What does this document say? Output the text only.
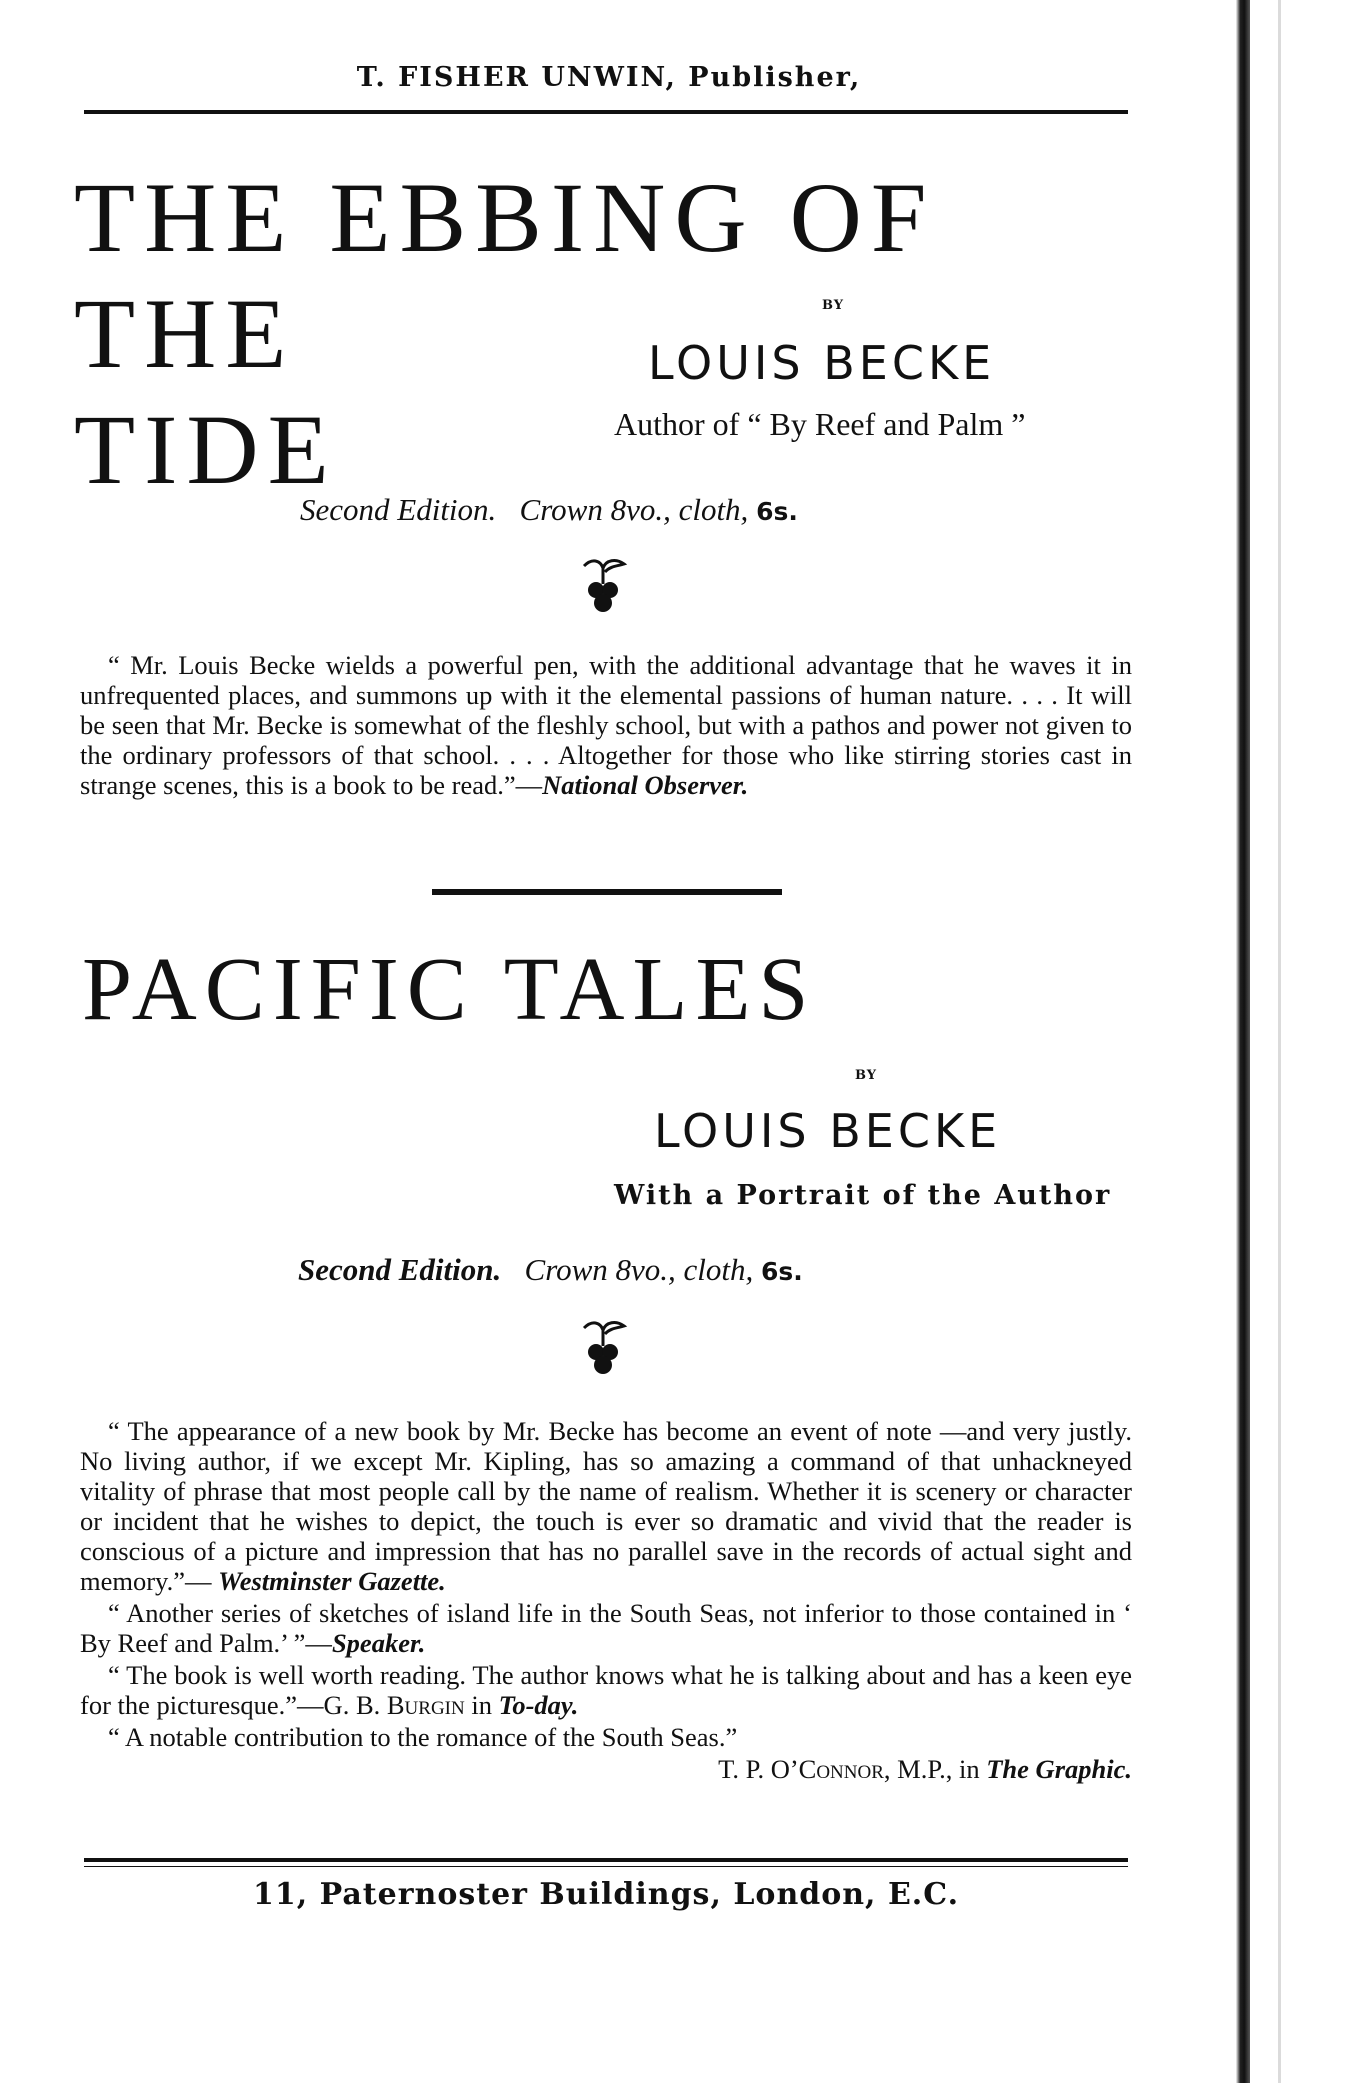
T. FISHER UNWIN, Publisher,
THE EBBING OF THE
TIDE
BY
LOUIS BECKE
Author of “ By Reef and Palm ”
Second Edition. Crown 8vo., cloth, 6s.

“ Mr. Louis Becke wields a powerful pen, with the additional advantage that he waves it in unfrequented places, and summons up with it the elemental passions of human nature. . . . It will be seen that Mr. Becke is somewhat of the fleshly school, but with a pathos and power not given to the ordinary professors of that school. . . . Altogether for those who like stirring stories cast in strange scenes, this is a book to be read.”—National Observer.

PACIFIC TALES
BY
LOUIS BECKE
With a Portrait of the Author
Second Edition. Crown 8vo., cloth, 6s.

“ The appearance of a new book by Mr. Becke has become an event of note —and very justly. No living author, if we except Mr. Kipling, has so amazing a command of that unhackneyed vitality of phrase that most people call by the name of realism. Whether it is scenery or character or incident that he wishes to depict, the touch is ever so dramatic and vivid that the reader is conscious of a picture and impression that has no parallel save in the records of actual sight and memory.”— Westminster Gazette.

“ Another series of sketches of island life in the South Seas, not inferior to those contained in ‘ By Reef and Palm.’ ”—Speaker.

“ The book is well worth reading. The author knows what he is talking about and has a keen eye for the picturesque.”—G. B. Burgin in To-day.

“ A notable contribution to the romance of the South Seas.”

T. P. O’Connor, M.P., in The Graphic.

11, Paternoster Buildings, London, E.C.
